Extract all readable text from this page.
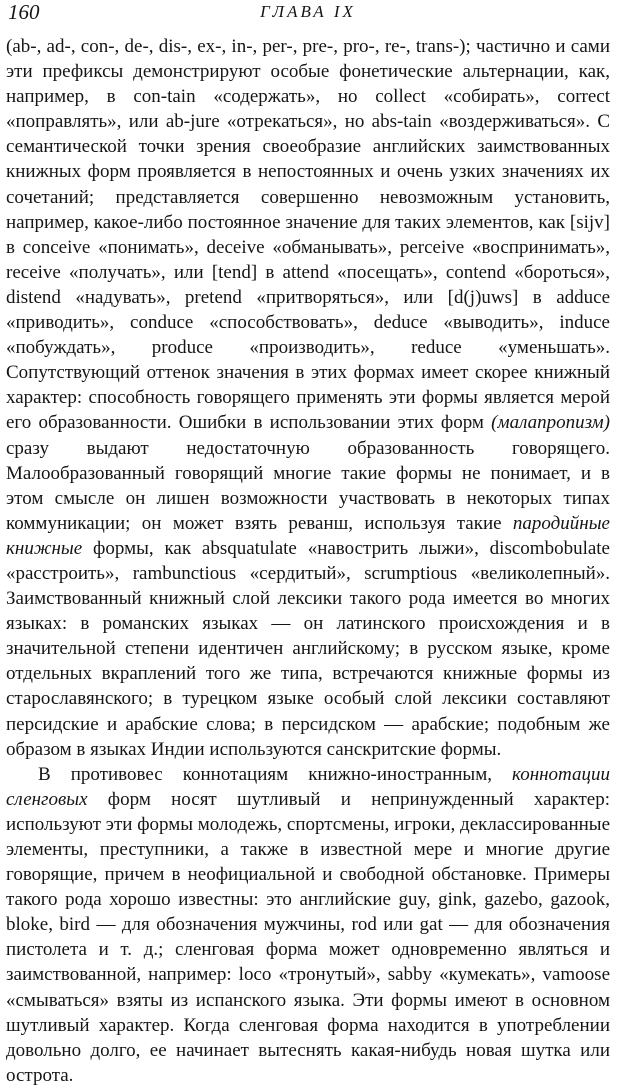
160	ГЛАВА IX

(ab-, ad-, con-, de-, dis-, ex-, in-, per-, pre-, pro-, re-, trans-); частично и сами эти префиксы демонстрируют особые фонетические альтернации, как, например, в con-tain «содержать», но collect «собирать», correct «поправлять», или ab-jure «отрекаться», но abs-tain «воздерживаться». С семантической точки зрения своеобразие английских заимствованных книжных форм проявляется в непостоянных и очень узких значениях их сочетаний; представляется совершенно невозможным установить, например, какое-либо постоянное значение для таких элементов, как [sijv] в conceive «понимать», deceive «обманывать», perceive «воспринимать», receive «получать», или [tend] в attend «посещать», contend «бороться», distend «надувать», pretend «притворяться», или [d(j)uws] в adduce «приводить», conduce «способствовать», deduce «выводить», induce «побуждать», produce «производить», reduce «уменьшать». Сопутствующий оттенок значения в этих формах имеет скорее книжный характер: способность говорящего применять эти формы является мерой его образованности. Ошибки в использовании этих форм (малапропизм) сразу выдают недостаточную образованность говорящего. Малообразованный говорящий многие такие формы не понимает, и в этом смысле он лишен возможности участвовать в некоторых типах коммуникации; он может взять реванш, используя такие пародийные книжные формы, как absquatulate «навострить лыжи», discombobulate «расстроить», rambunctious «сердитый», scrumptious «великолепный». Заимствованный книжный слой лексики такого рода имеется во многих языках: в романских языках — он латинского происхождения и в значительной степени идентичен английскому; в русском языке, кроме отдельных вкраплений того же типа, встречаются книжные формы из старославянского; в турецком языке особый слой лексики составляют персидские и арабские слова; в персидском — арабские; подобным же образом в языках Индии используются санскритские формы.

В противовес коннотациям книжно-иностранным, коннотации сленговых форм носят шутливый и непринужденный характер: используют эти формы молодежь, спортсмены, игроки, деклассированные элементы, преступники, а также в известной мере и многие другие говорящие, причем в неофициальной и свободной обстановке. Примеры такого рода хорошо известны: это английские guy, gink, gazebo, gazook, bloke, bird — для обозначения мужчины, rod или gat — для обозначения пистолета и т. д.; сленговая форма может одновременно являться и заимствованной, например: loco «тронутый», sabby «кумекать», vamoose «смываться» взяты из испанского языка. Эти формы имеют в основном шутливый характер. Когда сленговая форма находится в употреблении довольно долго, ее начинает вытеснять какая-нибудь новая шутка или острота.
